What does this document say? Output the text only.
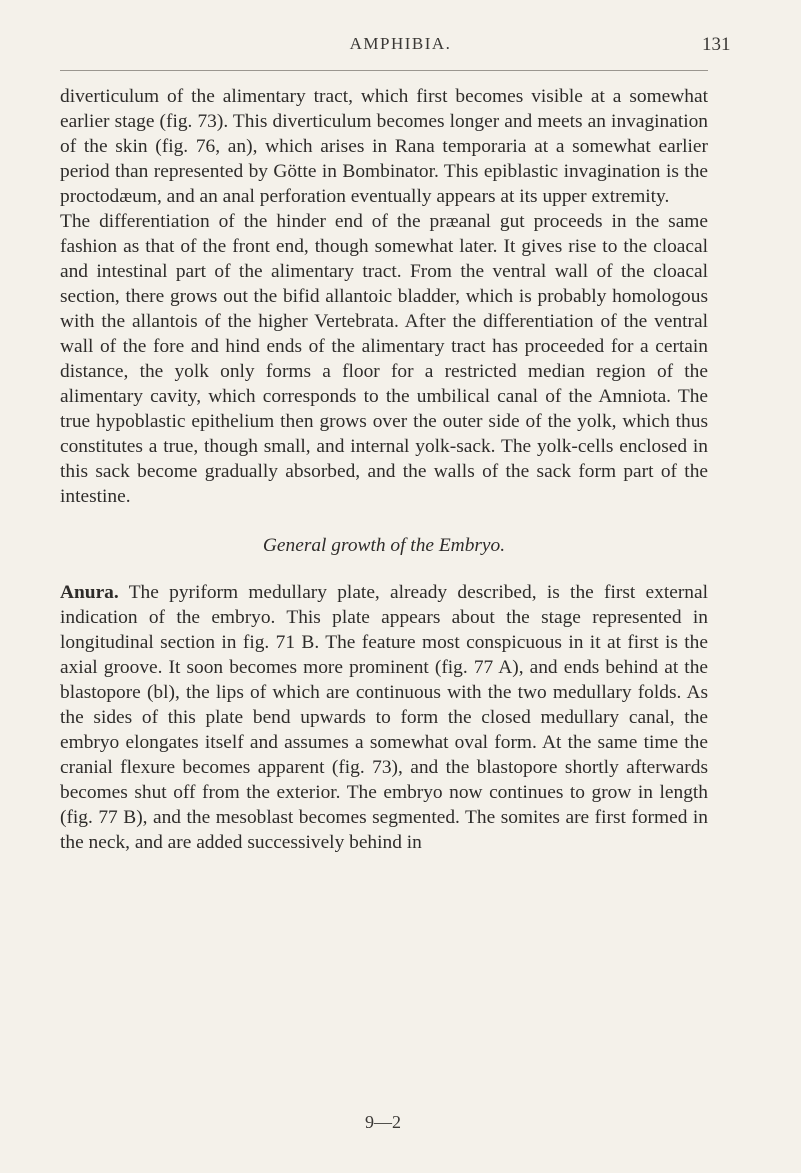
AMPHIBIA.	131

diverticulum of the alimentary tract, which first becomes visible at a somewhat earlier stage (fig. 73). This diverticulum becomes longer and meets an invagination of the skin (fig. 76, an), which arises in Rana temporaria at a somewhat earlier period than represented by Götte in Bombinator. This epiblastic invagination is the proctodæum, and an anal perforation eventually appears at its upper extremity.

The differentiation of the hinder end of the præanal gut proceeds in the same fashion as that of the front end, though somewhat later. It gives rise to the cloacal and intestinal part of the alimentary tract. From the ventral wall of the cloacal section, there grows out the bifid allantoic bladder, which is probably homologous with the allantois of the higher Vertebrata. After the differentiation of the ventral wall of the fore and hind ends of the alimentary tract has proceeded for a certain distance, the yolk only forms a floor for a restricted median region of the alimentary cavity, which corresponds to the umbilical canal of the Amniota. The true hypoblastic epithelium then grows over the outer side of the yolk, which thus constitutes a true, though small, and internal yolk-sack. The yolk-cells enclosed in this sack become gradually absorbed, and the walls of the sack form part of the intestine.

General growth of the Embryo.

Anura. The pyriform medullary plate, already described, is the first external indication of the embryo. This plate appears about the stage represented in longitudinal section in fig. 71 B. The feature most conspicuous in it at first is the axial groove. It soon becomes more prominent (fig. 77 A), and ends behind at the blastopore (bl), the lips of which are continuous with the two medullary folds. As the sides of this plate bend upwards to form the closed medullary canal, the embryo elongates itself and assumes a somewhat oval form. At the same time the cranial flexure becomes apparent (fig. 73), and the blastopore shortly afterwards becomes shut off from the exterior. The embryo now continues to grow in length (fig. 77 B), and the mesoblast becomes segmented. The somites are first formed in the neck, and are added successively behind in

9—2
